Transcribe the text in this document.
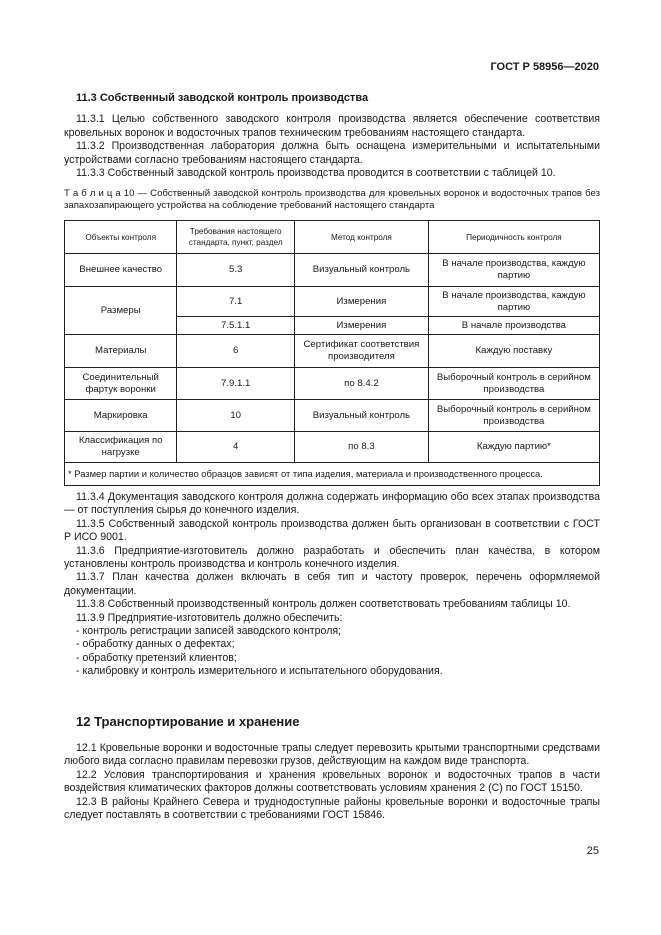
ГОСТ Р 58956—2020
11.3 Собственный заводской контроль производства

11.3.1 Целью собственного заводского контроля производства является обеспечение соответствия кровельных воронок и водосточных трапов техническим требованиям настоящего стандарта.

11.3.2 Производственная лаборатория должна быть оснащена измерительными и испытательными устройствами согласно требованиям настоящего стандарта.

11.3.3 Собственный заводской контроль производства проводится в соответствии с таблицей 10.

Т а б л и ц а 10 — Собственный заводской контроль производства для кровельных воронок и водосточных трапов без запахозапирающего устройства на соблюдение требований настоящего стандарта

Объекты контроля	Требования настоящего стандарта, пункт, раздел	Метод контроля	Периодичность контроля
Внешнее качество	5.3	Визуальный контроль	В начале производства, каждую партию
Размеры	7.1	Измерения	В начале производства, каждую партию
	7.5.1.1	Измерения	В начале производства
Материалы	6	Сертификат соответствия производителя	Каждую поставку
Соединительный фартук воронки	7.9.1.1	по 8.4.2	Выборочный контроль в серийном производства
Маркировка	10	Визуальный контроль	Выборочный контроль в серийном производства
Классификация по нагрузке	4	по 8.3	Каждую партию*
* Размер партии и количество образцов зависят от типа изделия, материала и производственного процесса.			

11.3.4 Документация заводского контроля должна содержать информацию обо всех этапах производства — от поступления сырья до конечного изделия.

11.3.5 Собственный заводской контроль производства должен быть организован в соответствии с ГОСТ Р ИСО 9001.

11.3.6 Предприятие-изготовитель должно разработать и обеспечить план качества, в котором установлены контроль производства и контроль конечного изделия.

11.3.7 План качества должен включать в себя тип и частоту проверок, перечень оформляемой документации.

11.3.8 Собственный производственный контроль должен соответствовать требованиям таблицы 10.

11.3.9 Предприятие-изготовитель должно обеспечить:

- контроль регистрации записей заводского контроля;
- обработку данных о дефектах;
- обработку претензий клиентов;
- калибровку и контроль измерительного и испытательного оборудования.
12 Транспортирование и хранение

12.1 Кровельные воронки и водосточные трапы следует перевозить крытыми транспортными средствами любого вида согласно правилам перевозки грузов, действующим на каждом виде транспорта.

12.2 Условия транспортирования и хранения кровельных воронок и водосточных трапов в части воздействия климатических факторов должны соответствовать условиям хранения 2 (С) по ГОСТ 15150.

12.3 В районы Крайнего Севера и труднодоступные районы кровельные воронки и водосточные трапы следует поставлять в соответствии с требованиями ГОСТ 15846.

25
